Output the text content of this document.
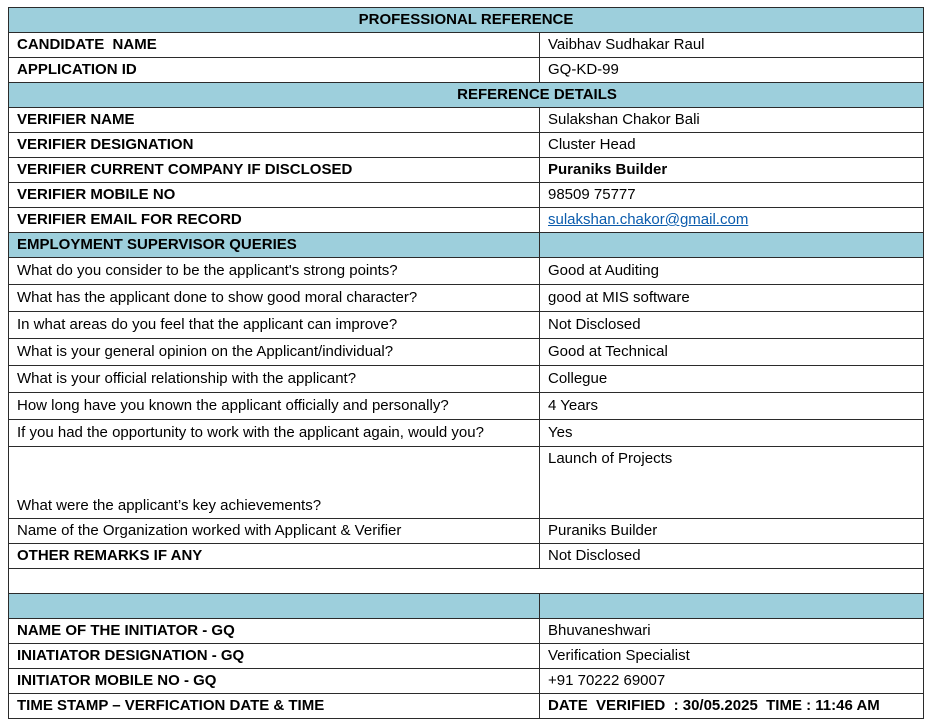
PROFESSIONAL REFERENCE	
CANDIDATE  NAME	Vaibhav Sudhakar Raul
APPLICATION ID	GQ-KD-99
REFERENCE DETAILS	
VERIFIER NAME	Sulakshan Chakor Bali
VERIFIER DESIGNATION	Cluster Head
VERIFIER CURRENT COMPANY IF DISCLOSED	Puraniks Builder
VERIFIER MOBILE NO	98509 75777
VERIFIER EMAIL FOR RECORD	sulakshan.chakor@gmail.com
EMPLOYMENT SUPERVISOR QUERIES	
What do you consider to be the applicant's strong points?	Good at Auditing
What has the applicant done to show good moral character?	good at MIS software
In what areas do you feel that the applicant can improve?	Not Disclosed
What is your general opinion on the Applicant/individual?	Good at Technical
What is your official relationship with the applicant?	Collegue
How long have you known the applicant officially and personally?	4 Years
If you had the opportunity to work with the applicant again, would you?	Yes
What were the applicant’s key achievements?	Launch of Projects
Name of the Organization worked with Applicant & Verifier	Puraniks Builder
OTHER REMARKS IF ANY	Not Disclosed

NAME OF THE INITIATOR - GQ	Bhuvaneshwari
INIATIATOR DESIGNATION - GQ	Verification Specialist
INITIATOR MOBILE NO - GQ	+91 70222 69007
TIME STAMP – VERFICATION DATE & TIME	DATE  VERIFIED  : 30/05.2025  TIME : 11:46 AM
